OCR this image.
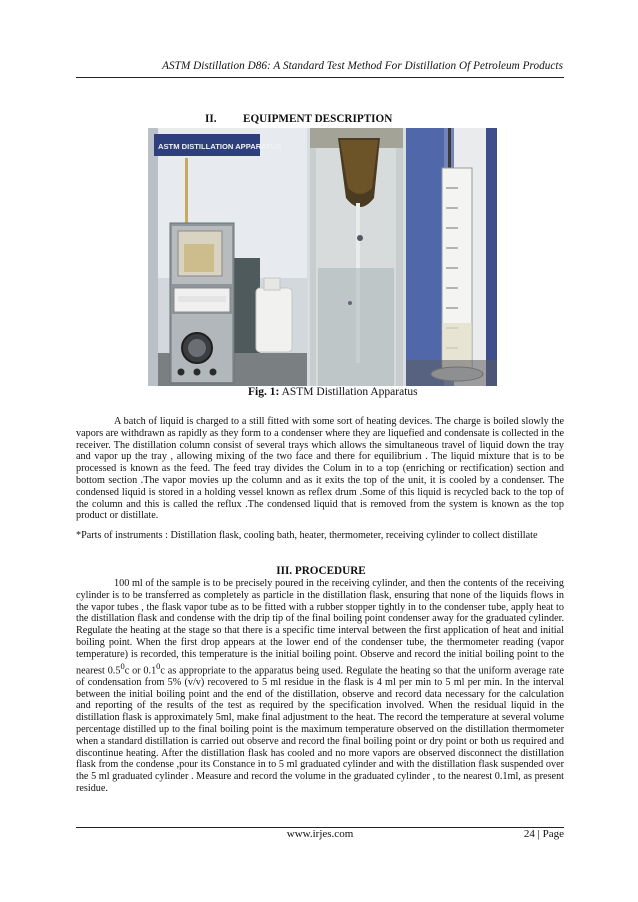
ASTM Distillation D86: A Standard Test Method For Distillation Of Petroleum Products
II. EQUIPMENT DESCRIPTION
ASTM DISTILLATION APPARATUS
Fig. 1: ASTM Distillation Apparatus

A batch of liquid is charged to a still fitted with some sort of heating devices. The charge is boiled slowly the vapors are withdrawn as rapidly as they form to a condenser where they are liquefied and condensate is collected in the receiver. The distillation column consist of several trays which allows the simultaneous travel of liquid down the tray and vapor up the tray , allowing mixing of the two face and there for equilibrium . The liquid mixture that is to be processed is known as the feed. The feed tray divides the Colum in to a top (enriching or rectification) section and bottom section .The vapor movies up the column and as it exits the top of the unit, it is cooled by a condenser. The condensed liquid is stored in a holding vessel known as reflex drum .Some of this liquid is recycled back to the top of the column and this is called the reflux .The condensed liquid that is removed from the system is known as the top product or distillate.

*Parts of instruments : Distillation flask, cooling bath, heater, thermometer, receiving cylinder to collect distillate

III. PROCEDURE

100 ml of the sample is to be precisely poured in the receiving cylinder, and then the contents of the receiving cylinder is to be transferred as completely as particle in the distillation flask, ensuring that none of the liquids flows in the vapor tubes , the flask vapor tube as to be fitted with a rubber stopper tightly in to the condenser tube, apply heat to the distillation flask and condense with the drip tip of the final boiling point condenser away for the graduated cylinder. Regulate the heating at the stage so that there is a specific time interval between the first application of heat and initial boiling point. When the first drop appears at the lower end of the condenser tube, the thermometer reading (vapor temperature) is recorded, this temperature is the initial boiling point. Observe and record the initial boiling point to the nearest $0.5^0c$ or $0.1^0c$ as appropriate to the apparatus being used. Regulate the heating so that the uniform average rate of condensation from 5% (v/v) recovered to 5 ml residue in the flask is 4 ml per min to 5 ml per min. In the interval between the initial boiling point and the end of the distillation, observe and record data necessary for the calculation and reporting of the results of the test as required by the specification involved. When the residual liquid in the distillation flask is approximately 5ml, make final adjustment to the heat. The record the temperature at several volume percentage distilled up to the final boiling point is the maximum temperature observed on the distillation thermometer when a standard distillation is carried out observe and record the final boiling point or dry point or both us required and discontinue heating. After the distillation flask has cooled and no more vapors are observed disconnect the distillation flask from the condense ,pour its Constance in to 5 ml graduated cylinder and with the distillation flask suspended over the 5 ml graduated cylinder . Measure and record the volume in the graduated cylinder , to the nearest 0.1ml, as present residue.

www.irjes.com	24 | Page
